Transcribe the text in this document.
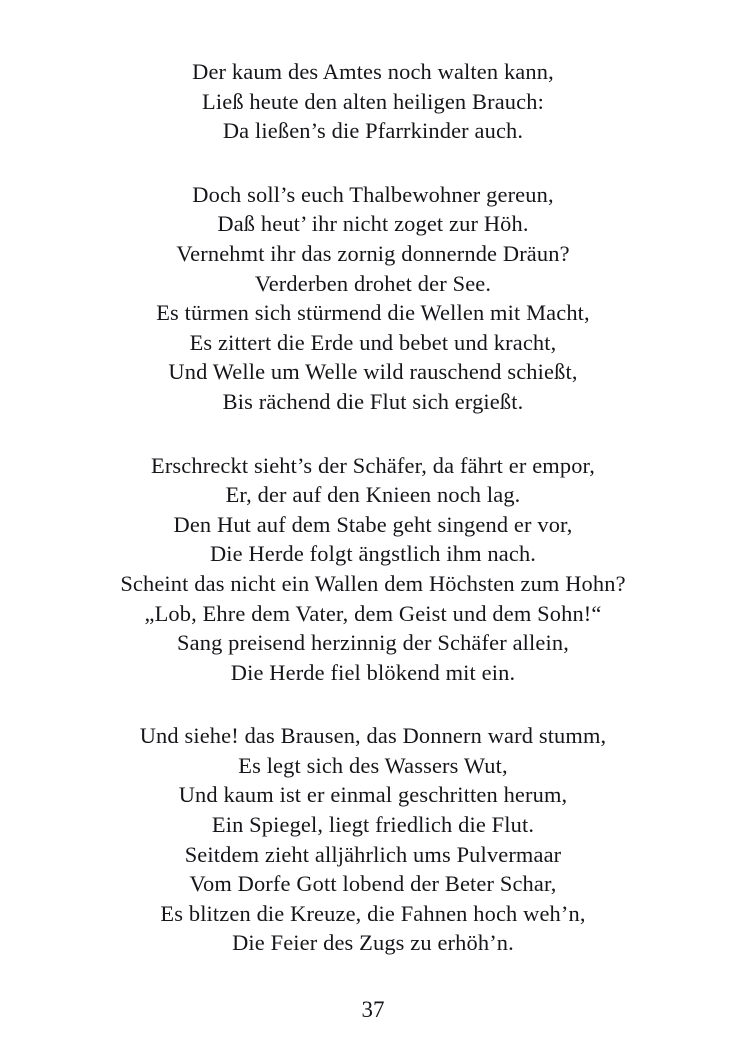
Der kaum des Amtes noch walten kann,
Ließ heute den alten heiligen Brauch:
Da ließen’s die Pfarrkinder auch.
Doch soll’s euch Thalbewohner gereun,
Daß heut’ ihr nicht zoget zur Höh.
Vernehmt ihr das zornig donnernde Dräun?
Verderben drohet der See.
Es türmen sich stürmend die Wellen mit Macht,
Es zittert die Erde und bebet und kracht,
Und Welle um Welle wild rauschend schießt,
Bis rächend die Flut sich ergießt.
Erschreckt sieht’s der Schäfer, da fährt er empor,
Er, der auf den Knieen noch lag.
Den Hut auf dem Stabe geht singend er vor,
Die Herde folgt ängstlich ihm nach.
Scheint das nicht ein Wallen dem Höchsten zum Hohn?
„Lob, Ehre dem Vater, dem Geist und dem Sohn!“
Sang preisend herzinnig der Schäfer allein,
Die Herde fiel blökend mit ein.
Und siehe! das Brausen, das Donnern ward stumm,
Es legt sich des Wassers Wut,
Und kaum ist er einmal geschritten herum,
Ein Spiegel, liegt friedlich die Flut.
Seitdem zieht alljährlich ums Pulvermaar
Vom Dorfe Gott lobend der Beter Schar,
Es blitzen die Kreuze, die Fahnen hoch weh’n,
Die Feier des Zugs zu erhöh’n.
37
